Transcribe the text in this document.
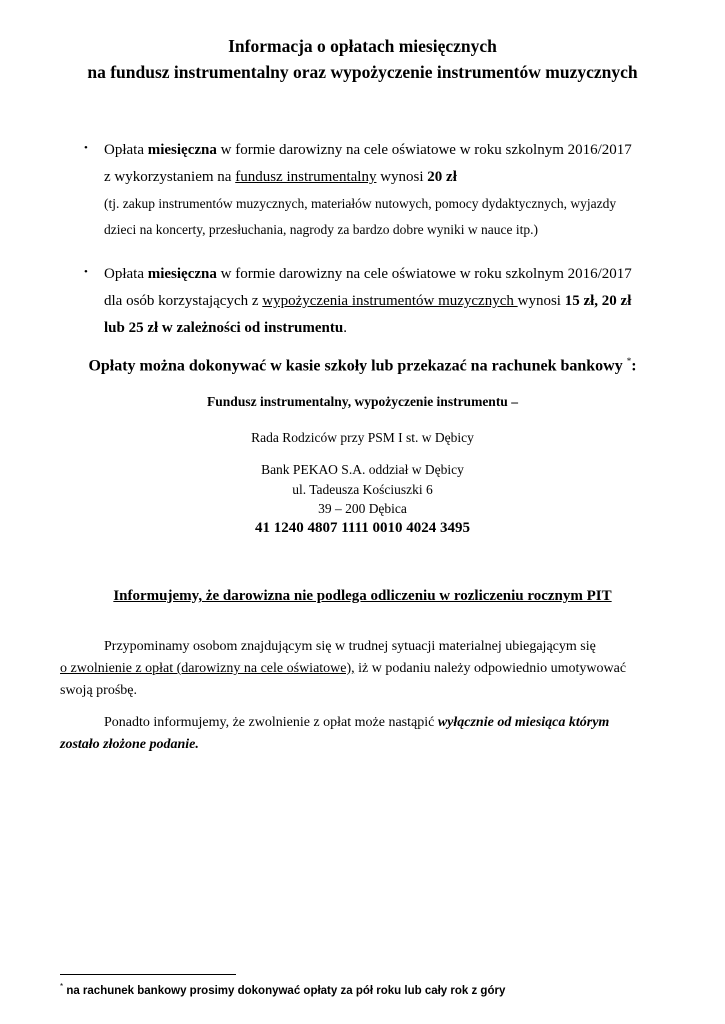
Informacja o opłatach miesięcznych
na fundusz instrumentalny oraz wypożyczenie instrumentów muzycznych
• Opłata miesięczna w formie darowizny na cele oświatowe w roku szkolnym 2016/2017
z wykorzystaniem na fundusz instrumentalny wynosi 20 zł
(tj. zakup instrumentów muzycznych, materiałów nutowych, pomocy dydaktycznych, wyjazdy
dzieci na koncerty, przesłuchania, nagrody za bardzo dobre wyniki w nauce itp.)
• Opłata miesięczna w formie darowizny na cele oświatowe w roku szkolnym 2016/2017
dla osób korzystających z wypożyczenia instrumentów muzycznych wynosi 15 zł, 20 zł
lub 25 zł w zależności od instrumentu.
Opłaty można dokonywać w kasie szkoły lub przekazać na rachunek bankowy *:
Fundusz instrumentalny, wypożyczenie instrumentu –
Rada Rodziców przy PSM I st. w Dębicy
Bank PEKAO S.A. oddział w Dębicy
ul. Tadeusza Kościuszki 6
39 – 200 Dębica
41 1240 4807 1111 0010 4024 3495
Informujemy, że darowizna nie podlega odliczeniu w rozliczeniu rocznym PIT
Przypominamy osobom znajdującym się w trudnej sytuacji materialnej ubiegającym się
o zwolnienie z opłat (darowizny na cele oświatowe), iż w podaniu należy odpowiednio umotywować
swoją prośbę.
Ponadto informujemy, że zwolnienie z opłat może nastąpić wyłącznie od miesiąca którym
zostało złożone podanie.
* na rachunek bankowy prosimy dokonywać opłaty za pół roku lub cały rok z góry
